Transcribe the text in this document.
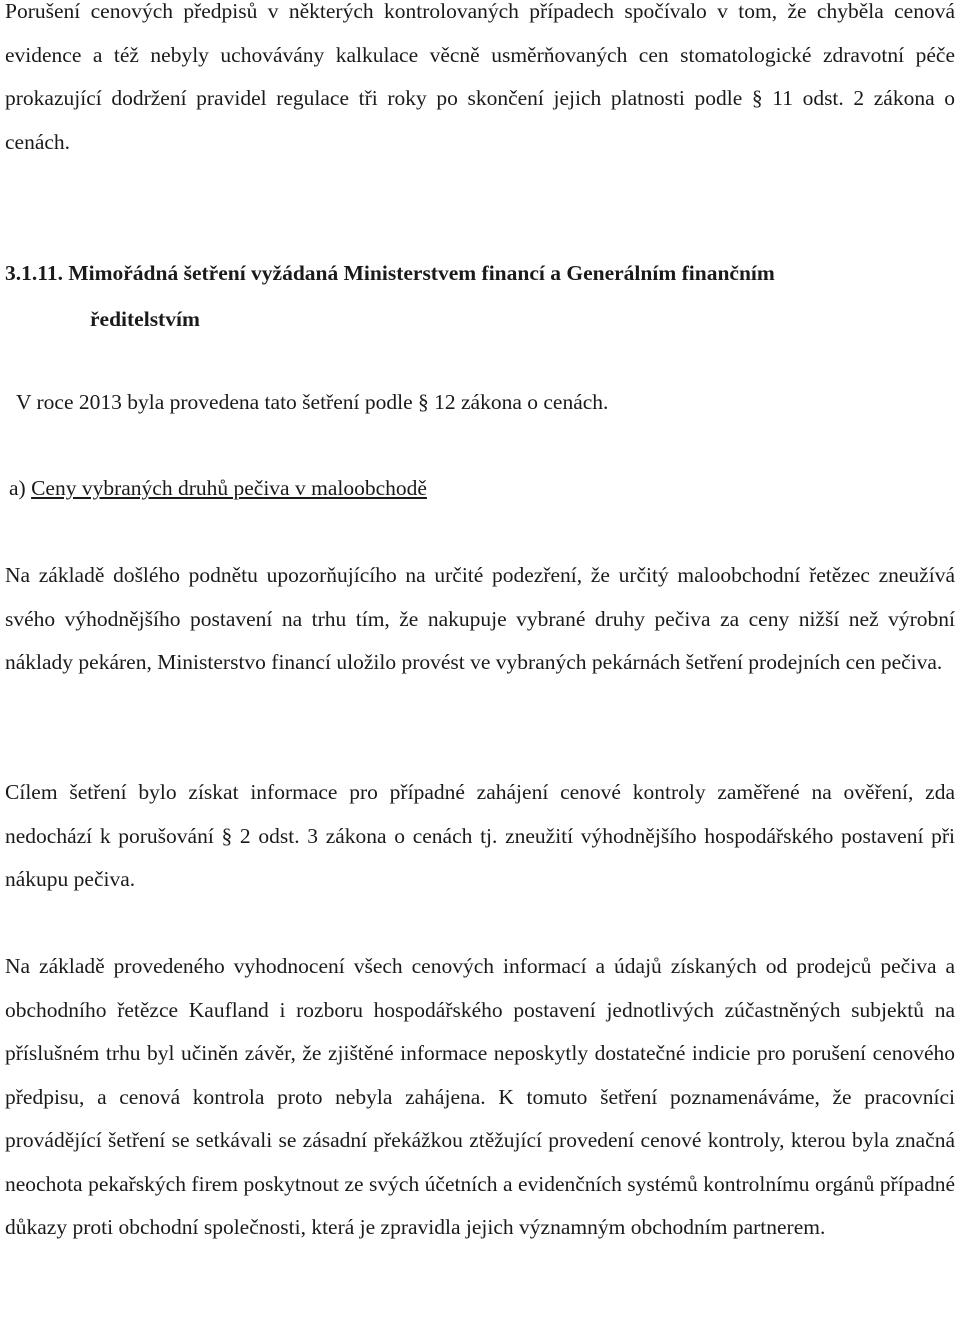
Porušení cenových předpisů v některých kontrolovaných případech spočívalo v tom, že chyběla cenová evidence a též nebyly uchovávány kalkulace věcně usměrňovaných cen stomatologické zdravotní péče prokazující dodržení pravidel regulace tři roky po skončení jejich platnosti podle § 11 odst. 2 zákona o cenách.

3.1.11. Mimořádná šetření vyžádaná Ministerstvem financí a Generálním finančním
ředitelstvím

V roce 2013 byla provedena tato šetření podle § 12 zákona o cenách.

a) Ceny vybraných druhů pečiva v maloobchodě

Na základě došlého podnětu upozorňujícího na určité podezření, že určitý maloobchodní řetězec zneužívá svého výhodnějšího postavení na trhu tím, že nakupuje vybrané druhy pečiva za ceny nižší než výrobní náklady pekáren, Ministerstvo financí uložilo provést ve vybraných pekárnách šetření prodejních cen pečiva.

Cílem šetření bylo získat informace pro případné zahájení cenové kontroly zaměřené na ověření, zda nedochází k porušování § 2 odst. 3 zákona o cenách tj. zneužití výhodnějšího hospodářského postavení při nákupu pečiva.

Na základě provedeného vyhodnocení všech cenových informací a údajů získaných od prodejců pečiva a obchodního řetězce Kaufland i rozboru hospodářského postavení jednotlivých zúčastněných subjektů na příslušném trhu byl učiněn závěr, že zjištěné informace neposkytly dostatečné indicie pro porušení cenového předpisu, a cenová kontrola proto nebyla zahájena. K tomuto šetření poznamenáváme, že pracovníci provádějící šetření se setkávali se zásadní překážkou ztěžující provedení cenové kontroly, kterou byla značná neochota pekařských firem poskytnout ze svých účetních a evidenčních systémů kontrolnímu orgánů případné důkazy proti obchodní společnosti, která je zpravidla jejich významným obchodním partnerem.
